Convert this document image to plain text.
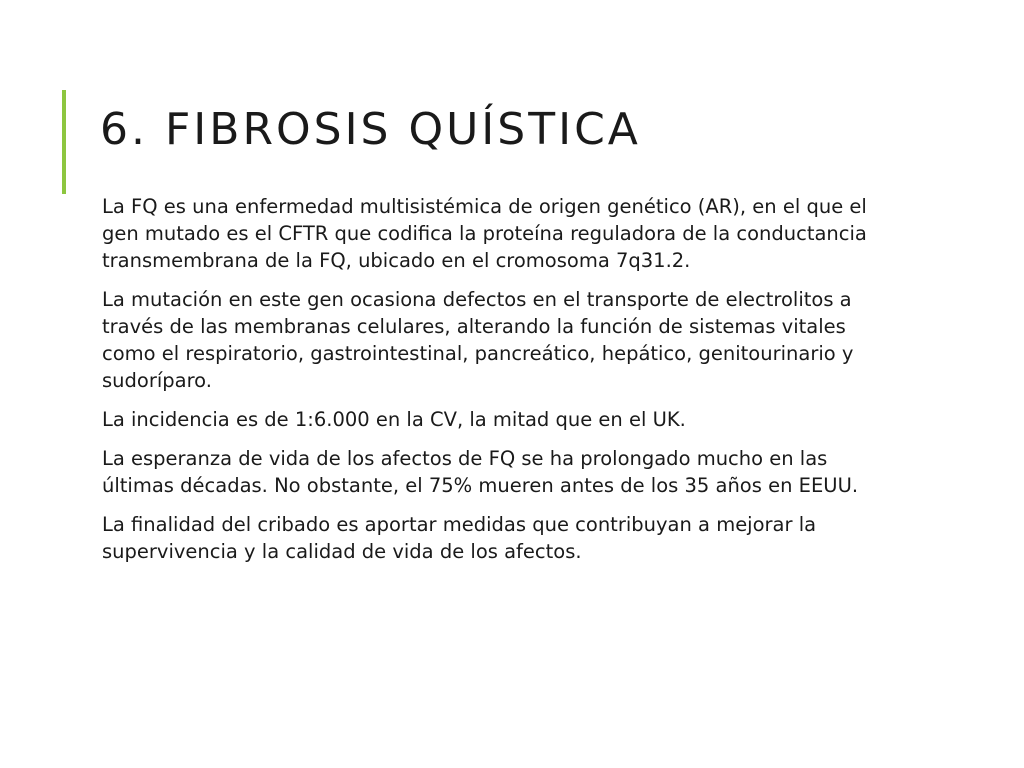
6. FIBROSIS QUÍSTICA

La FQ es una enfermedad multisistémica de origen genético (AR), en el que el gen mutado es el CFTR que codifica la proteína reguladora de la conductancia transmembrana de la FQ, ubicado en el cromosoma 7q31.2.

La mutación en este gen ocasiona defectos en el transporte de electrolitos a través de las membranas celulares, alterando la función de sistemas vitales como el respiratorio, gastrointestinal, pancreático, hepático, genitourinario y sudoríparo.

La incidencia es de 1:6.000 en la CV, la mitad que en el UK.

La esperanza de vida de los afectos de FQ se ha prolongado mucho en las últimas décadas. No obstante, el 75% mueren antes de los 35 años en EEUU.

La finalidad del cribado es aportar medidas que contribuyan a mejorar la supervivencia y la calidad de vida de los afectos.
